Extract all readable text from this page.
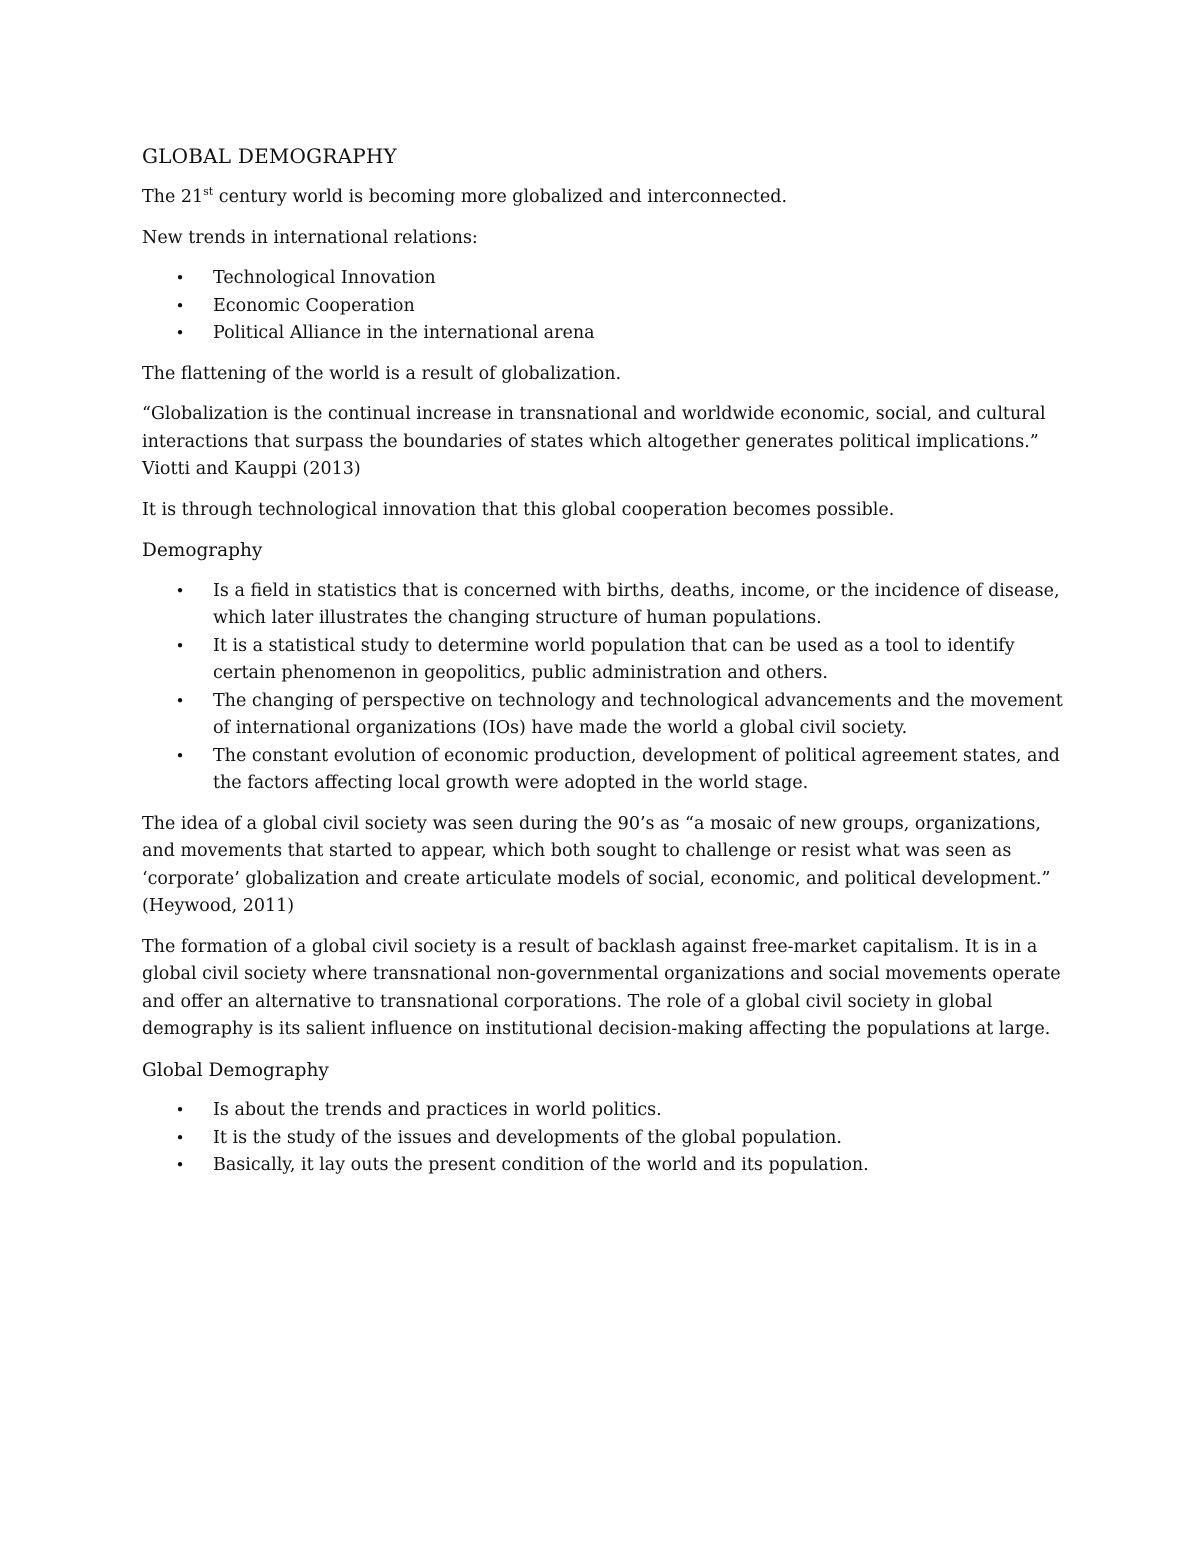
GLOBAL DEMOGRAPHY

The 21st century world is becoming more globalized and interconnected.

New trends in international relations:

• Technological Innovation
• Economic Cooperation
• Political Alliance in the international arena

The flattening of the world is a result of globalization.

“Globalization is the continual increase in transnational and worldwide economic, social, and cultural interactions that surpass the boundaries of states which altogether generates political implications.” Viotti and Kauppi (2013)

It is through technological innovation that this global cooperation becomes possible.

Demography

• Is a field in statistics that is concerned with births, deaths, income, or the incidence of disease, which later illustrates the changing structure of human populations.
• It is a statistical study to determine world population that can be used as a tool to identify certain phenomenon in geopolitics, public administration and others.
• The changing of perspective on technology and technological advancements and the movement of international organizations (IOs) have made the world a global civil society.
• The constant evolution of economic production, development of political agreement states, and the factors affecting local growth were adopted in the world stage.

The idea of a global civil society was seen during the 90’s as “a mosaic of new groups, organizations, and movements that started to appear, which both sought to challenge or resist what was seen as ‘corporate’ globalization and create articulate models of social, economic, and political development.” (Heywood, 2011)

The formation of a global civil society is a result of backlash against free-market capitalism. It is in a global civil society where transnational non-governmental organizations and social movements operate and offer an alternative to transnational corporations. The role of a global civil society in global demography is its salient influence on institutional decision-making affecting the populations at large.

Global Demography

• Is about the trends and practices in world politics.
• It is the study of the issues and developments of the global population.
• Basically, it lay outs the present condition of the world and its population.
